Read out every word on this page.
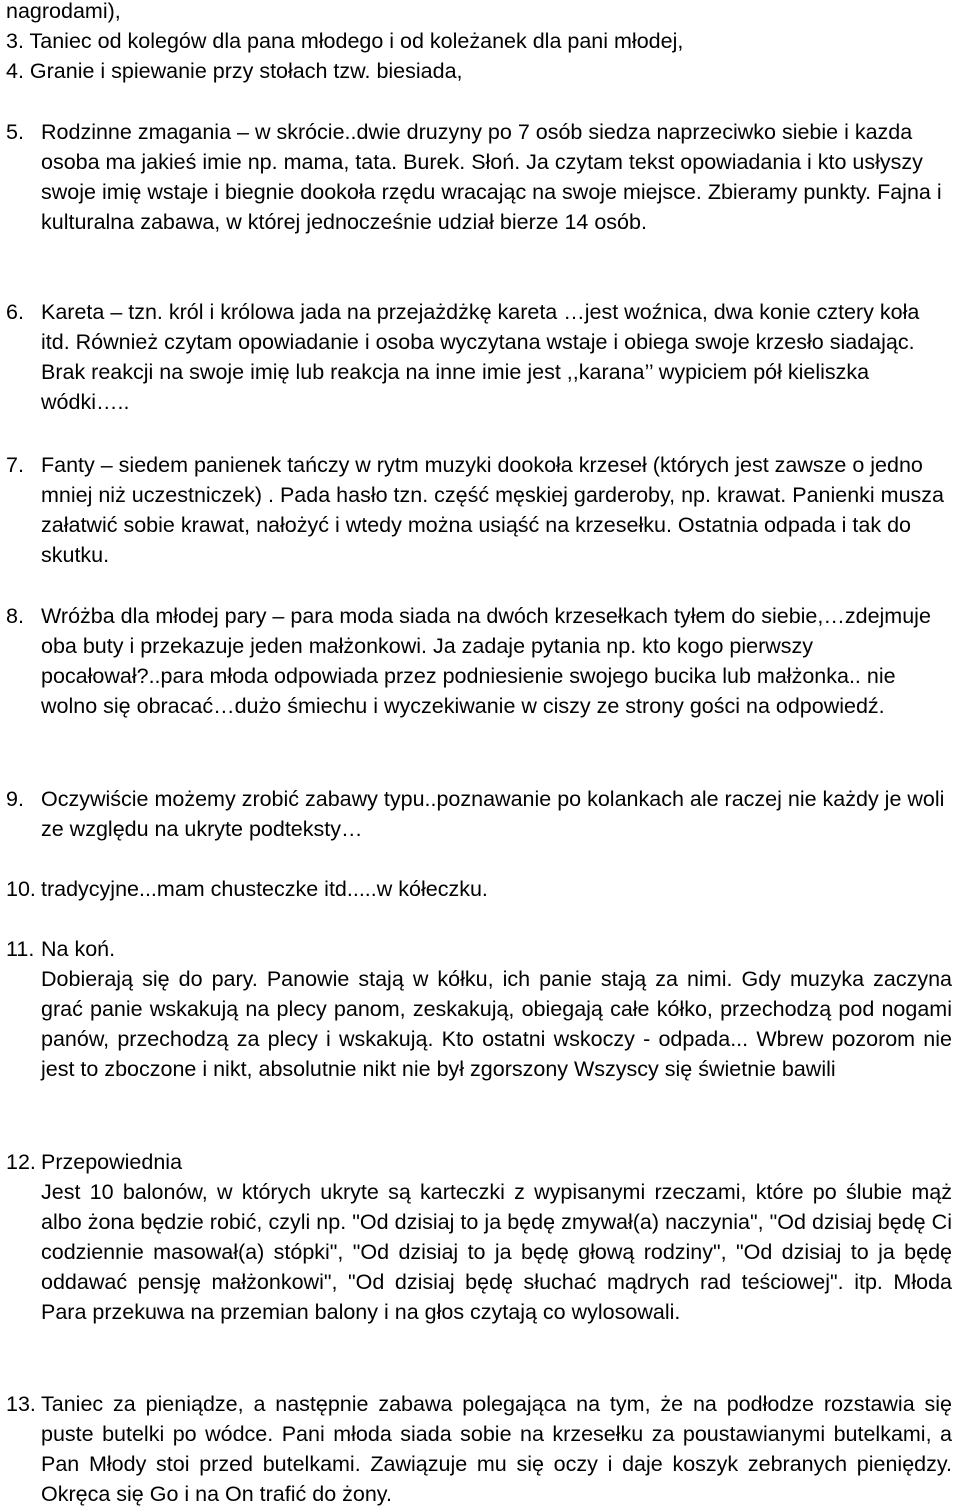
nagrodami),
3. Taniec od kolegów dla pana młodego i od koleżanek dla pani młodej,
4. Granie i spiewanie przy stołach tzw. biesiada,
5. Rodzinne zmagania – w skrócie..dwie druzyny po 7 osób siedza naprzeciwko siebie i kazda osoba ma jakieś imie np. mama, tata. Burek. Słoń. Ja czytam tekst opowiadania i kto usłyszy swoje imię wstaje i biegnie dookoła rzędu wracając na swoje miejsce. Zbieramy punkty. Fajna i kulturalna zabawa, w której jednocześnie udział bierze 14 osób.
6. Kareta – tzn. król i królowa jada na przejażdżkę kareta …jest woźnica, dwa konie cztery koła itd. Również czytam opowiadanie i osoba wyczytana wstaje i obiega swoje krzesło siadając. Brak reakcji na swoje imię lub reakcja na inne imie jest ,,karana’’ wypiciem pół kieliszka wódki…..
7. Fanty – siedem panienek tańczy w rytm muzyki dookoła krzeseł (których jest zawsze o jedno mniej niż uczestniczek) . Pada hasło tzn. część męskiej garderoby, np. krawat. Panienki musza załatwić sobie krawat, nałożyć i wtedy można usiąść na krzesełku. Ostatnia odpada i tak do skutku.
8. Wróżba dla młodej pary – para moda siada na dwóch krzesełkach tyłem do siebie,…zdejmuje oba buty i przekazuje jeden małżonkowi. Ja zadaje pytania np. kto kogo pierwszy pocałował?..para młoda odpowiada przez podniesienie swojego bucika lub małżonka.. nie wolno się obracać…dużo śmiechu i wyczekiwanie w ciszy ze strony gości na odpowiedź.
9. Oczywiście możemy zrobić zabawy typu..poznawanie po kolankach ale raczej nie każdy je woli ze względu na ukryte podteksty…
10. tradycyjne...mam chusteczke itd.....w kółeczku.
11. Na koń.
Dobierają się do pary. Panowie stają w kółku, ich panie stają za nimi. Gdy muzyka zaczyna grać panie wskakują na plecy panom, zeskakują, obiegają całe kółko, przechodzą pod nogami panów, przechodzą za plecy i wskakują. Kto ostatni wskoczy - odpada... Wbrew pozorom nie jest to zboczone i nikt, absolutnie nikt nie był zgorszony Wszyscy się świetnie bawili
12. Przepowiednia
Jest 10 balonów, w których ukryte są karteczki z wypisanymi rzeczami, które po ślubie mąż albo żona będzie robić, czyli np. "Od dzisiaj to ja będę zmywał(a) naczynia", "Od dzisiaj będę Ci codziennie masował(a) stópki", "Od dzisiaj to ja będę głową rodziny", "Od dzisiaj to ja będę oddawać pensję małżonkowi", "Od dzisiaj będę słuchać mądrych rad teściowej". itp. Młoda Para przekuwa na przemian balony i na głos czytają co wylosowali.
13. Taniec za pieniądze, a następnie zabawa polegająca na tym, że na podłodze rozstawia się puste butelki po wódce. Pani młoda siada sobie na krzesełku za poustawianymi butelkami, a Pan Młody stoi przed butelkami. Zawiązuje mu się oczy i daje koszyk zebranych pieniędzy. Okręca się Go i na On trafić do żony.
